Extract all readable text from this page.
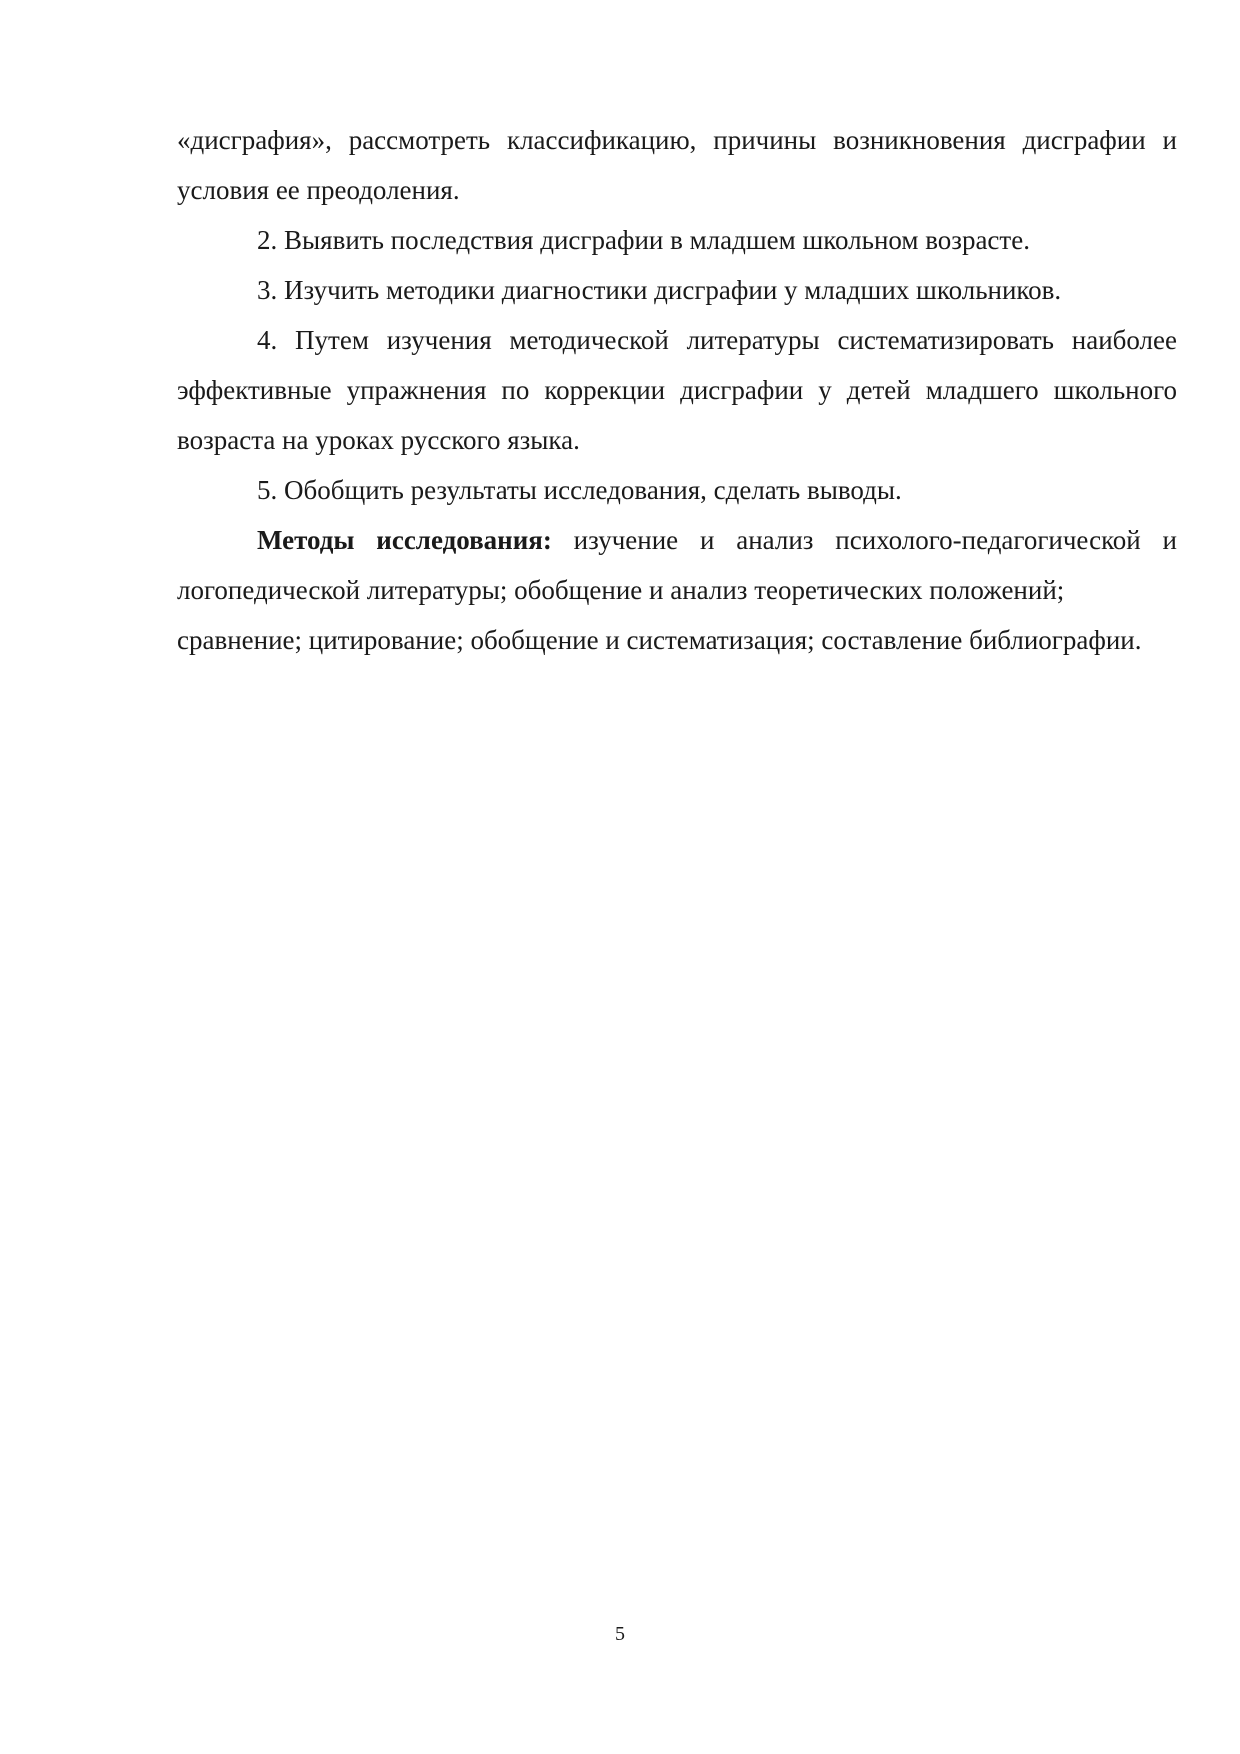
«дисграфия», рассмотреть классификацию, причины возникновения дисграфии и условия ее преодоления.

2. Выявить последствия дисграфии в младшем школьном возрасте.

3. Изучить методики диагностики дисграфии у младших школьников.

4. Путем изучения методической литературы систематизировать наиболее эффективные упражнения по коррекции дисграфии у детей младшего школьного возраста на уроках русского языка.

5. Обобщить результаты исследования, сделать выводы.

Методы исследования: изучение и анализ психолого-педагогической и логопедической литературы; обобщение и анализ теоретических положений;

сравнение; цитирование; обобщение и систематизация; составление библиографии.

5
